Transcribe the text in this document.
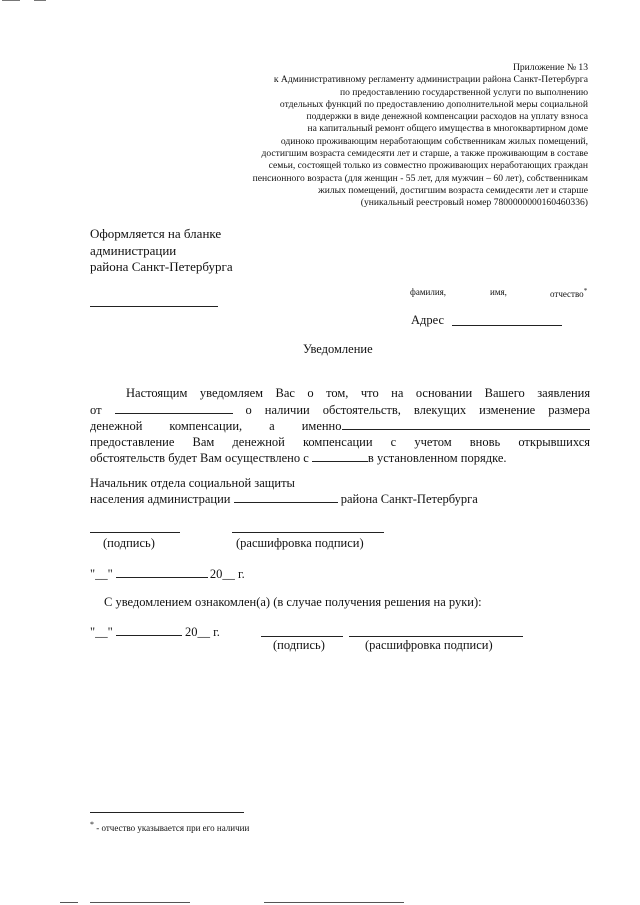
Приложение № 13
к Административному регламенту администрации района Санкт-Петербурга
по предоставлению государственной услуги по выполнению
отдельных функций по предоставлению дополнительной меры социальной
поддержки в виде денежной компенсации расходов на уплату взноса
на капитальный ремонт общего имущества в многоквартирном доме
одиноко проживающим неработающим собственникам жилых помещений,
достигшим возраста семидесяти лет и старше, а также проживающим в составе
семьи, состоящей только из совместно проживающих неработающих граждан
пенсионного возраста (для женщин - 55 лет, для мужчин – 60 лет), собственникам
жилых помещений, достигшим возраста семидесяти лет и старше
(уникальный реестровый номер 7800000000160460336)
Оформляется на бланке
администрации
района Санкт-Петербурга
фамилия,	имя,	отчество*
Адрес
Уведомление
Настоящим уведомляем Вас о том, что на основании Вашего заявления
от	о наличии обстоятельств, влекущих изменение размера
денежной компенсации, а именно
предоставление Вам денежной компенсации с учетом вновь открывшихся
обстоятельств будет Вам осуществлено с	в установленном порядке.
Начальник отдела социальной защиты
населения администрации	района Санкт-Петербурга
(подпись)	(расшифровка подписи)
"__"	20__ г.
С уведомлением ознакомлен(а) (в случае получения решения на руки):
"__"	20__ г.
(подпись)	(расшифровка подписи)
* - отчество указывается при его наличии
